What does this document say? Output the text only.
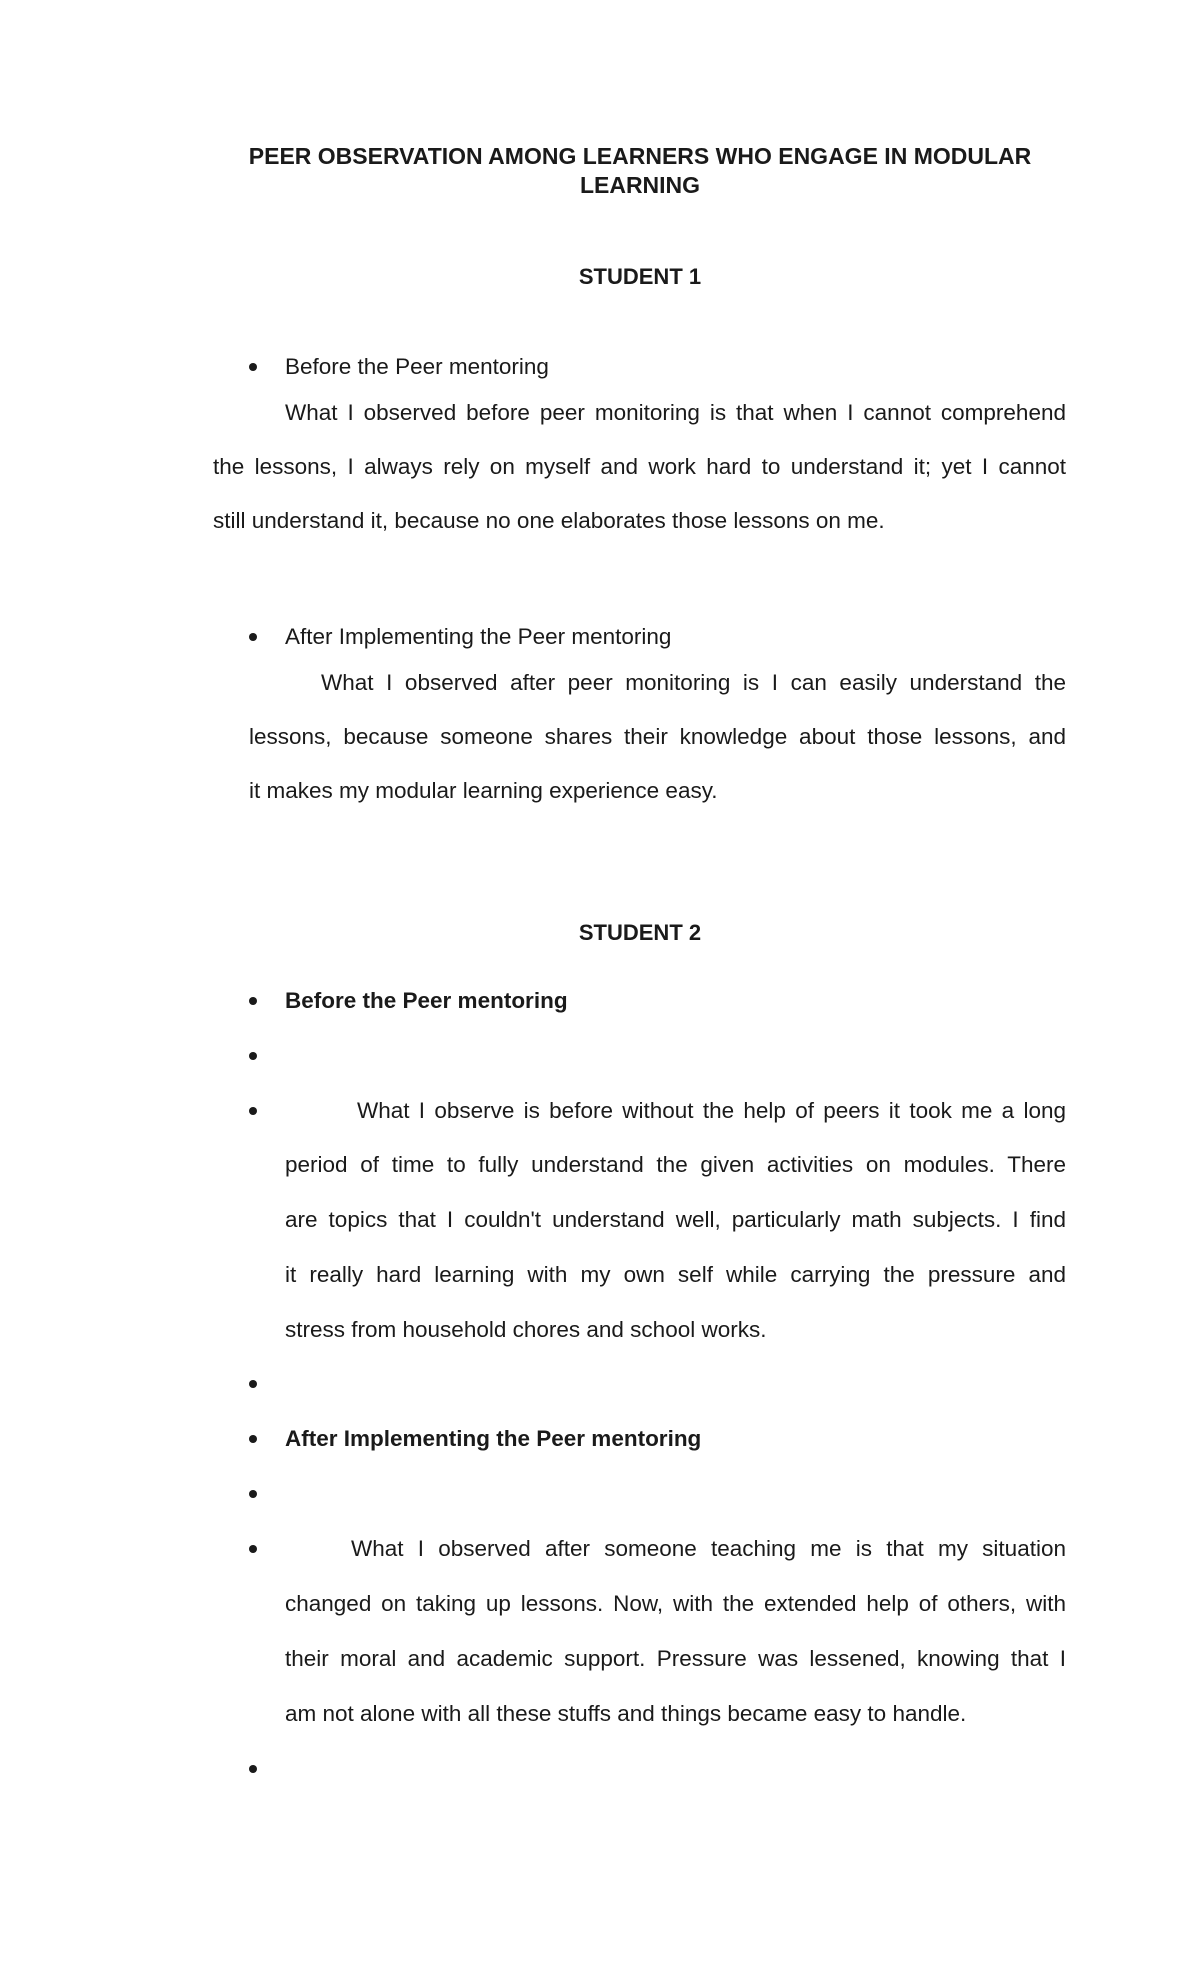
PEER OBSERVATION AMONG LEARNERS WHO ENGAGE IN MODULAR
LEARNING
STUDENT 1
Before the Peer mentoring
What I observed before peer monitoring is that when I cannot comprehend
the lessons, I always rely on myself and work hard to understand it; yet I cannot
still understand it, because no one elaborates those lessons on me.
After Implementing the Peer mentoring
What I observed after peer monitoring is I can easily understand the
lessons, because someone shares their knowledge about those lessons, and
it makes my modular learning experience easy.
STUDENT 2
Before the Peer mentoring
What I observe is before without the help of peers it took me a long
period of time to fully understand the given activities on modules. There
are topics that I couldn't understand well, particularly math subjects. I find
it really hard learning with my own self while carrying the pressure and
stress from household chores and school works.
After Implementing the Peer mentoring
What I observed after someone teaching me is that my situation
changed on taking up lessons. Now, with the extended help of others, with
their moral and academic support. Pressure was lessened, knowing that I
am not alone with all these stuffs and things became easy to handle.
